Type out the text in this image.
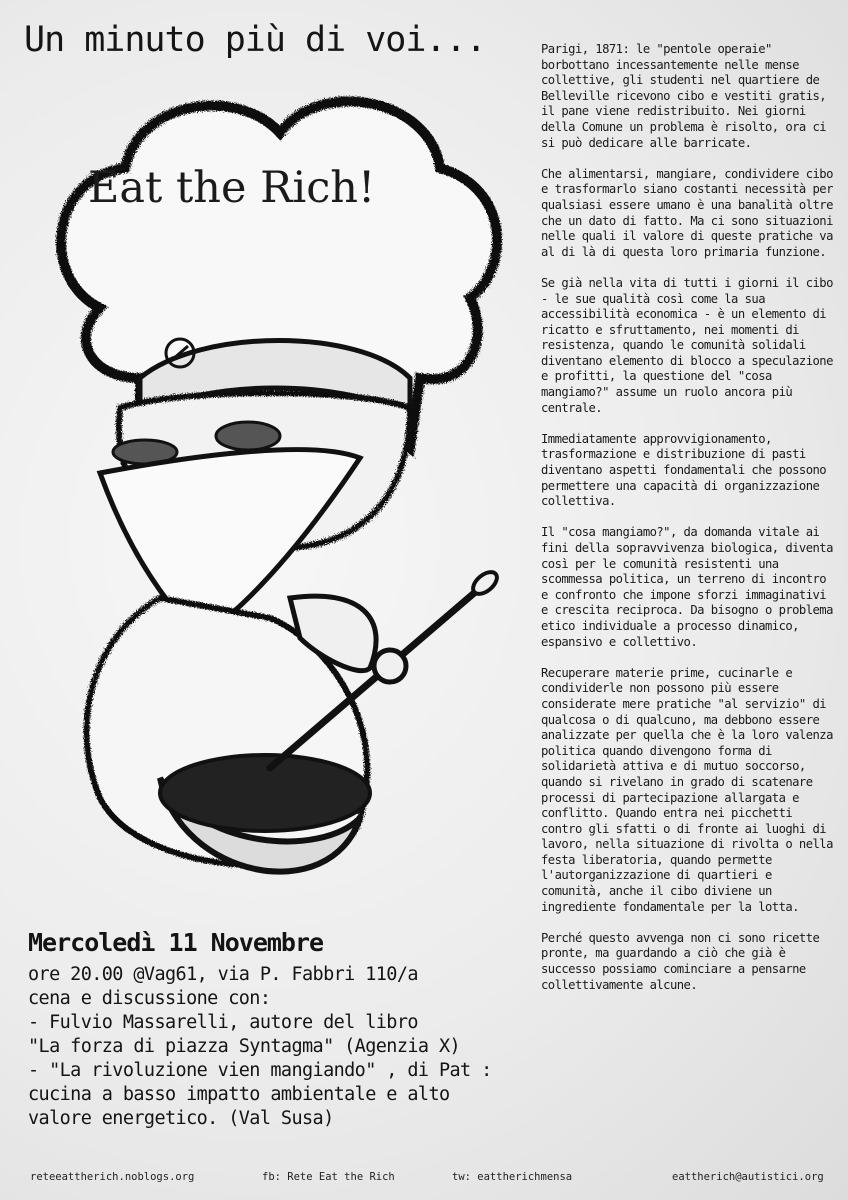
Un minuto più di voi...
Eat the Rich!
Mercoledì 11 Novembre
ore 20.00 @Vag61, via P. Fabbri 110/a
cena e discussione con:
- Fulvio Massarelli, autore del libro
"La forza di piazza Syntagma" (Agenzia X)
- "La rivoluzione vien mangiando" , di Pat :
cucina a basso impatto ambientale e alto
valore energetico. (Val Susa)

Parigi, 1871: le "pentole operaie" borbottano incessantemente nelle mense collettive, gli studenti nel quartiere de Belleville ricevono cibo e vestiti gratis, il pane viene redistribuito. Nei giorni della Comune un problema è risolto, ora ci si può dedicare alle barricate.

Che alimentarsi, mangiare, condividere cibo e trasformarlo siano costanti necessità per qualsiasi essere umano è una banalità oltre che un dato di fatto. Ma ci sono situazioni nelle quali il valore di queste pratiche va al di là di questa loro primaria funzione.

Se già nella vita di tutti i giorni il cibo - le sue qualità così come la sua accessibilità economica - è un elemento di ricatto e sfruttamento, nei momenti di resistenza, quando le comunità solidali diventano elemento di blocco a speculazione e profitti, la questione del "cosa mangiamo?" assume un ruolo ancora più centrale.

Immediatamente approvvigionamento, trasformazione e distribuzione di pasti diventano aspetti fondamentali che possono permettere una capacità di organizzazione collettiva.

Il "cosa mangiamo?", da domanda vitale ai fini della sopravvivenza biologica, diventa così per le comunità resistenti una scommessa politica, un terreno di incontro e confronto che impone sforzi immaginativi e crescita reciproca. Da bisogno o problema etico individuale a processo dinamico, espansivo e collettivo.

Recuperare materie prime, cucinarle e condividerle non possono più essere considerate mere pratiche "al servizio" di qualcosa o di qualcuno, ma debbono essere analizzate per quella che è la loro valenza politica quando divengono forma di solidarietà attiva e di mutuo soccorso, quando si rivelano in grado di scatenare processi di partecipazione allargata e conflitto. Quando entra nei picchetti contro gli sfatti o di fronte ai luoghi di lavoro, nella situazione di rivolta o nella festa liberatoria, quando permette l'autorganizzazione di quartieri e comunità, anche il cibo diviene un ingrediente fondamentale per la lotta.

Perché questo avvenga non ci sono ricette pronte, ma guardando a ciò che già è successo possiamo cominciare a pensarne collettivamente alcune.

reteeattherich.noblogs.org	fb: Rete Eat the Rich	tw: eattherichmensa	eattherich@autistici.org
